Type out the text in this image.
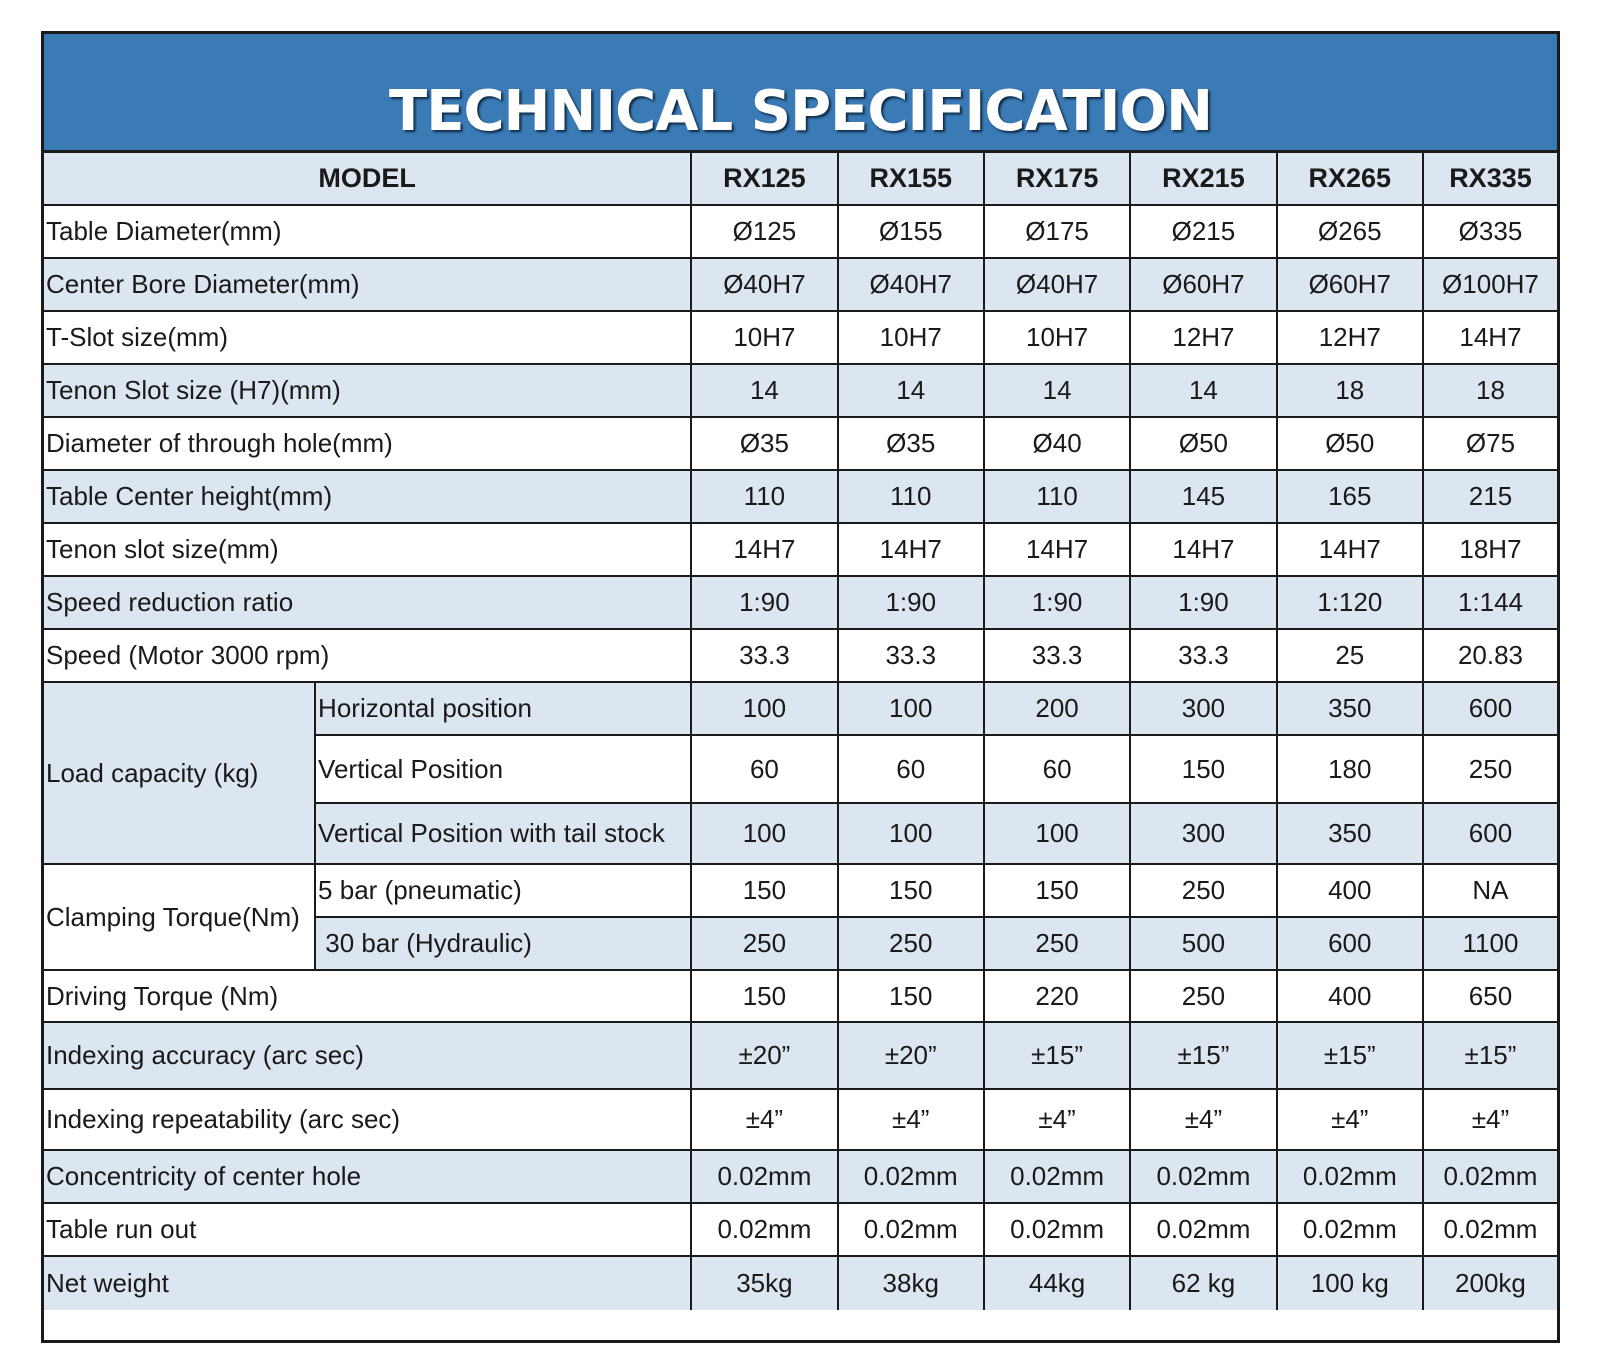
TECHNICAL SPECIFICATION
MODEL		RX125	RX155	RX175	RX215	RX265	RX335
Table Diameter(mm)		Ø125	Ø155	Ø175	Ø215	Ø265	Ø335
Center Bore Diameter(mm)		Ø40H7	Ø40H7	Ø40H7	Ø60H7	Ø60H7	Ø100H7
T-Slot size(mm)		10H7	10H7	10H7	12H7	12H7	14H7
Tenon Slot size (H7)(mm)		14	14	14	14	18	18
Diameter of through hole(mm)		Ø35	Ø35	Ø40	Ø50	Ø50	Ø75
Table Center height(mm)		110	110	110	145	165	215
Tenon slot size(mm)		14H7	14H7	14H7	14H7	14H7	18H7
Speed reduction ratio		1:90	1:90	1:90	1:90	1:120	1:144
Speed (Motor 3000 rpm)		33.3	33.3	33.3	33.3	25	20.83
Load capacity (kg)	Horizontal position	100	100	200	300	350	600
	Vertical Position	60	60	60	150	180	250
	Vertical Position with tail stock	100	100	100	300	350	600
Clamping Torque(Nm)	5 bar (pneumatic)	150	150	150	250	400	NA
	30 bar (Hydraulic)	250	250	250	500	600	1100
Driving Torque (Nm)		150	150	220	250	400	650
Indexing accuracy (arc sec)		±20”	±20”	±15”	±15”	±15”	±15”
Indexing repeatability (arc sec)		±4”	±4”	±4”	±4”	±4”	±4”
Concentricity of center hole		0.02mm	0.02mm	0.02mm	0.02mm	0.02mm	0.02mm
Table run out		0.02mm	0.02mm	0.02mm	0.02mm	0.02mm	0.02mm
Net weight		35kg	38kg	44kg	62 kg	100 kg	200kg
